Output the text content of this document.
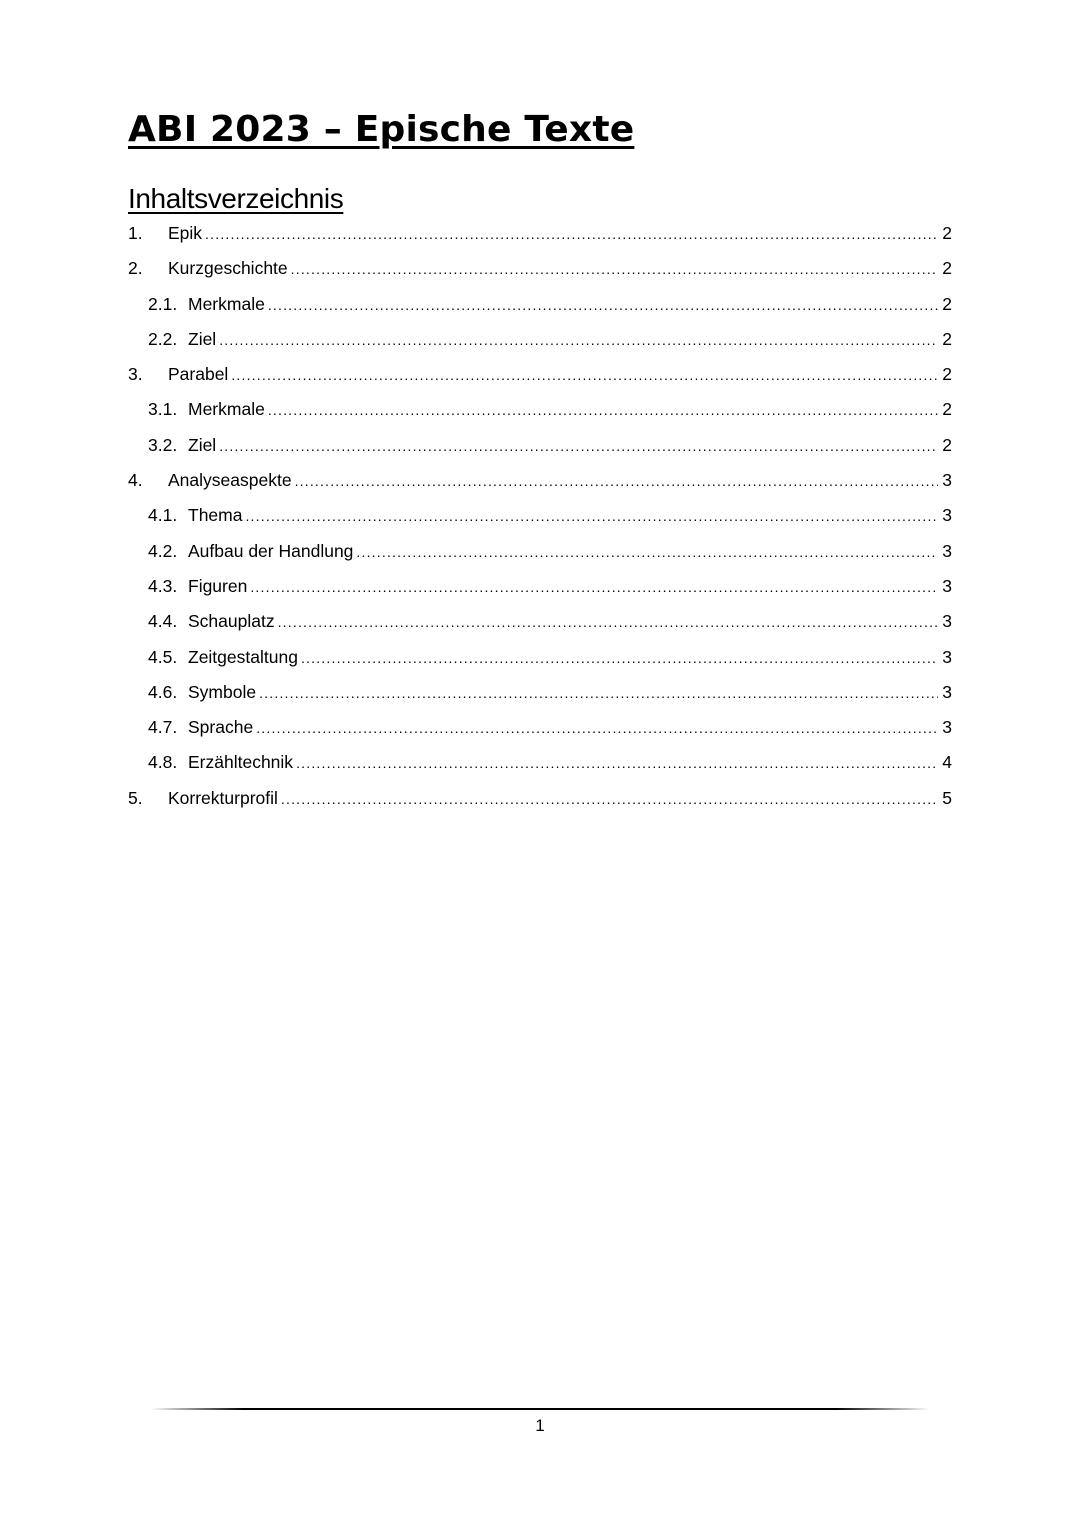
ABI 2023 – Epische Texte
Inhaltsverzeichnis
1.	Epik .....	2
2.	Kurzgeschichte .....	2
2.1. Merkmale .....	2
2.2. Ziel .....	2
3.	Parabel .....	2
3.1. Merkmale .....	2
3.2. Ziel .....	2
4.	Analyseaspekte .....	3
4.1. Thema .....	3
4.2. Aufbau der Handlung .....	3
4.3. Figuren .....	3
4.4. Schauplatz .....	3
4.5. Zeitgestaltung .....	3
4.6. Symbole .....	3
4.7. Sprache .....	3
4.8. Erzähltechnik .....	4
5.	Korrekturprofil .....	5
1
